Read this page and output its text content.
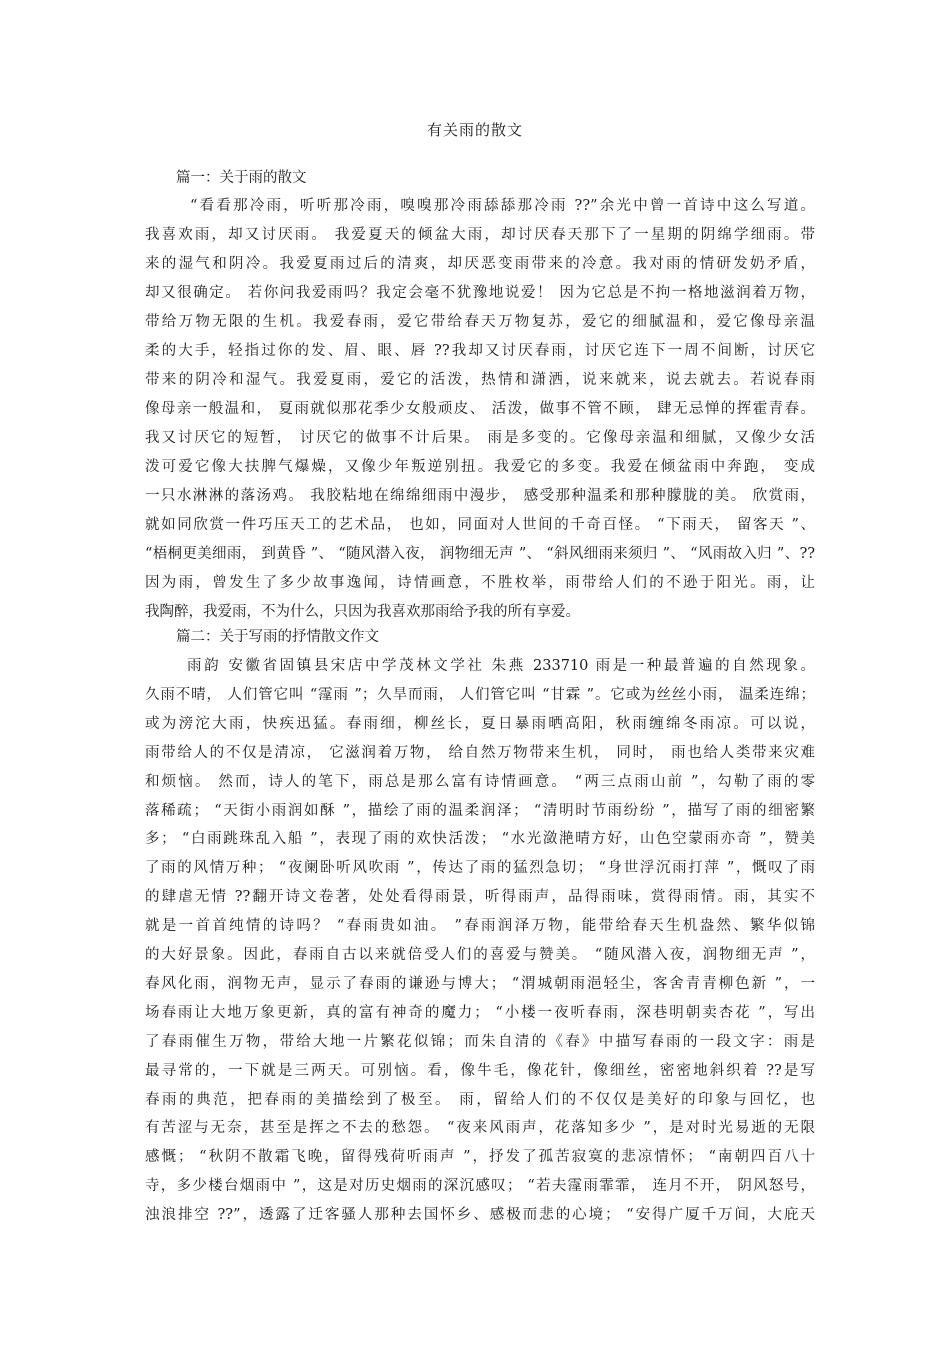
有关雨的散文
篇一：关于雨的散文
“看看那冷雨，听听那冷雨，嗅嗅那冷雨舔舔那冷雨 ??”余光中曾一首诗中这么写道。
我喜欢雨，却又讨厌雨。 我爱夏天的倾盆大雨，却讨厌春天那下了一星期的阴绵学细雨。带
来的湿气和阴冷。我爱夏雨过后的清爽，却厌恶变雨带来的冷意。我对雨的情研发奶矛盾，
却又很确定。 若你问我爱雨吗？我定会毫不犹豫地说爱！ 因为它总是不拘一格地滋润着万物，
带给万物无限的生机。我爱春雨，爱它带给春天万物复苏，爱它的细腻温和，爱它像母亲温
柔的大手，轻指过你的发、眉、眼、唇 ??我却又讨厌春雨，讨厌它连下一周不间断，讨厌它
带来的阴冷和湿气。我爱夏雨，爱它的活泼，热情和潇洒，说来就来，说去就去。若说春雨
像母亲一般温和， 夏雨就似那花季少女般顽皮、 活泼，做事不管不顾， 肆无忌惮的挥霍青春。
我又讨厌它的短暂， 讨厌它的做事不计后果。 雨是多变的。它像母亲温和细腻，又像少女活
泼可爱它像大扶脾气爆燥，又像少年叛逆别扭。我爱它的多变。我爱在倾盆雨中奔跑， 变成
一只水淋淋的落汤鸡。 我胶粘地在绵绵细雨中漫步， 感受那种温柔和那种朦胧的美。 欣赏雨，
就如同欣赏一件巧压天工的艺术品， 也如，同面对人世间的千奇百怪。 “下雨天， 留客天 ”、
“梧桐更美细雨， 到黄昏 ”、 “随风潜入夜， 润物细无声 ”、 “斜风细雨来须归 ”、 “风雨故入归 ”、??
因为雨，曾发生了多少故事逸闻，诗情画意，不胜枚举，雨带给人们的不逊于阳光。雨，让
我陶醉，我爱雨，不为什么，只因为我喜欢那雨给予我的所有享爱。
篇二：关于写雨的抒情散文作文
雨韵 安徽省固镇县宋店中学茂林文学社 朱燕 233710 雨是一种最普遍的自然现象。
久雨不晴， 人们管它叫 “霪雨 ”；久旱而雨， 人们管它叫 “甘霖 ”。它或为丝丝小雨， 温柔连绵；
或为滂沱大雨，快疾迅猛。春雨细，柳丝长，夏日暴雨晒高阳，秋雨缠绵冬雨凉。可以说，
雨带给人的不仅是清凉， 它滋润着万物， 给自然万物带来生机， 同时， 雨也给人类带来灾难
和烦恼。 然而，诗人的笔下，雨总是那么富有诗情画意。 “两三点雨山前 ”，勾勒了雨的零
落稀疏； “天街小雨润如酥 ”，描绘了雨的温柔润泽； “清明时节雨纷纷 ”，描写了雨的细密繁
多； “白雨跳珠乱入船 ”，表现了雨的欢快活泼； “水光潋滟晴方好，山色空蒙雨亦奇 ”，赞美
了雨的风情万种； “夜阑卧听风吹雨 ”，传达了雨的猛烈急切； “身世浮沉雨打萍 ”，慨叹了雨
的肆虐无情 ??翻开诗文卷著，处处看得雨景，听得雨声，品得雨味，赏得雨情。雨，其实不
就是一首首纯情的诗吗？ “春雨贵如油。 ”春雨润泽万物，能带给春天生机盎然、繁华似锦
的大好景象。因此，春雨自古以来就倍受人们的喜爱与赞美。 “随风潜入夜，润物细无声 ”，
春风化雨，润物无声，显示了春雨的谦逊与博大； “渭城朝雨浥轻尘，客舍青青柳色新 ”，一
场春雨让大地万象更新，真的富有神奇的魔力； “小楼一夜听春雨，深巷明朝卖杏花 ”，写出
了春雨催生万物，带给大地一片繁花似锦；而朱自清的《春》中描写春雨的一段文字：雨是
最寻常的，一下就是三两天。可别恼。看，像牛毛，像花针，像细丝，密密地斜织着 ??是写
春雨的典范，把春雨的美描绘到了极至。 雨，留给人们的不仅仅是美好的印象与回忆，也
有苦涩与无奈，甚至是挥之不去的愁怨。 “夜来风雨声，花落知多少 ”，是对时光易逝的无限
感慨； “秋阴不散霜飞晚，留得残荷听雨声 ”，抒发了孤苦寂寞的悲凉情怀； “南朝四百八十
寺，多少楼台烟雨中 ”，这是对历史烟雨的深沉感叹； “若夫霪雨霏霏， 连月不开， 阴风怒号，
浊浪排空 ??”，透露了迁客骚人那种去国怀乡、感极而悲的心境； “安得广厦千万间，大庇天
